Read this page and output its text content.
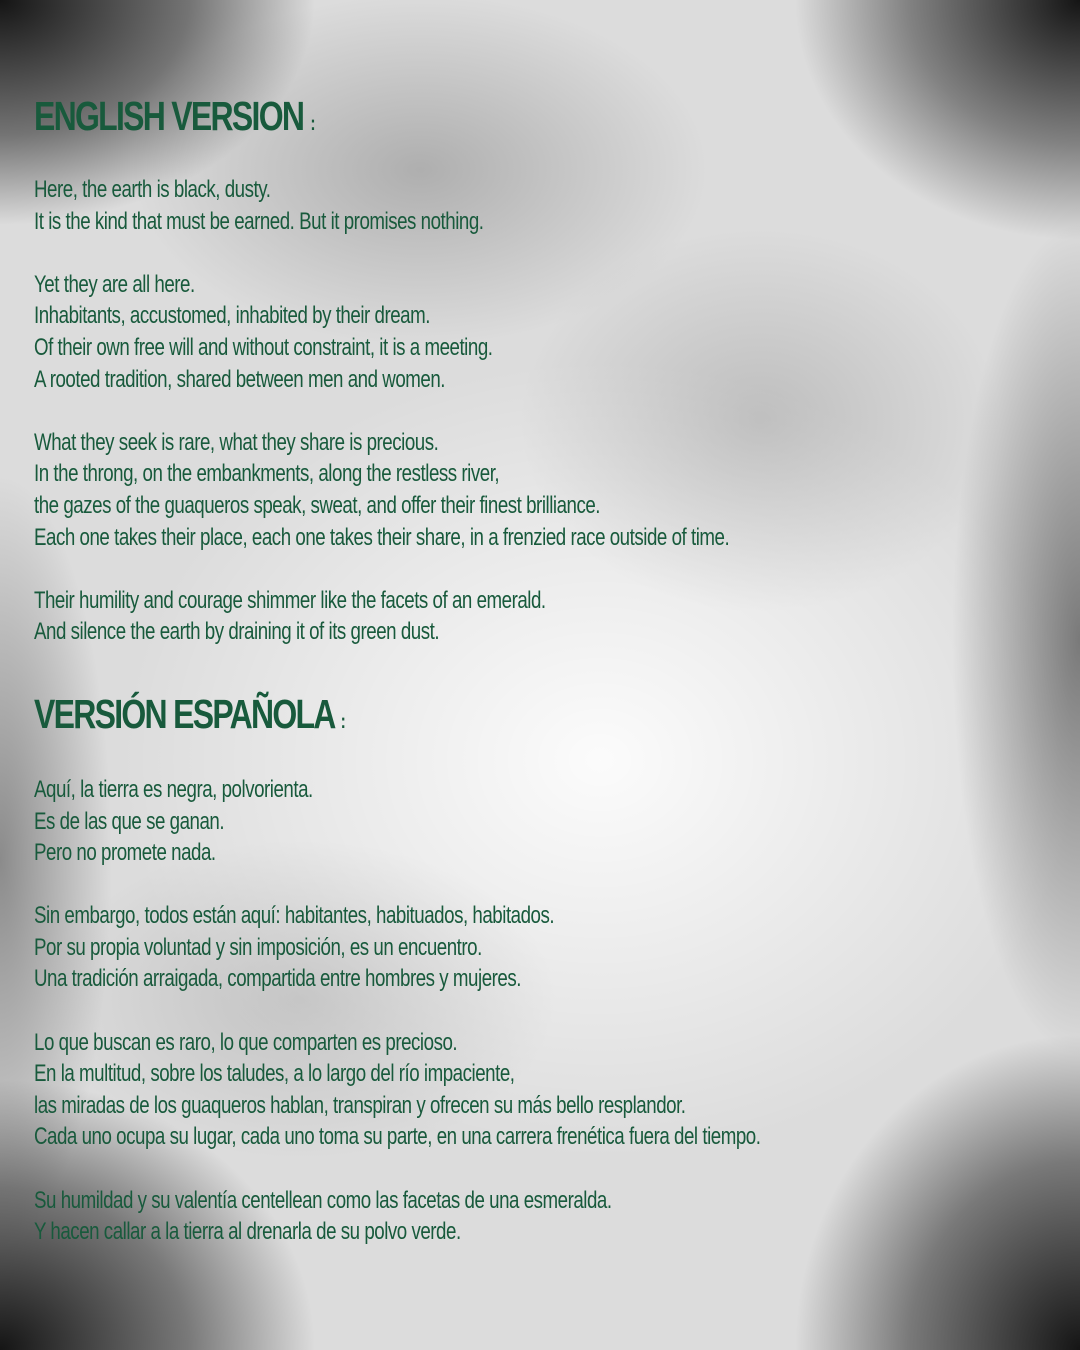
ENGLISH VERSION :
Here, the earth is black, dusty.
It is the kind that must be earned. But it promises nothing.
Yet they are all here.
Inhabitants, accustomed, inhabited by their dream.
Of their own free will and without constraint, it is a meeting.
A rooted tradition, shared between men and women.
What they seek is rare, what they share is precious.
In the throng, on the embankments, along the restless river,
the gazes of the guaqueros speak, sweat, and offer their finest brilliance.
Each one takes their place, each one takes their share, in a frenzied race outside of time.
Their humility and courage shimmer like the facets of an emerald.
And silence the earth by draining it of its green dust.
VERSIÓN ESPAÑOLA :
Aquí, la tierra es negra, polvorienta.
Es de las que se ganan.
Pero no promete nada.
Sin embargo, todos están aquí: habitantes, habituados, habitados.
Por su propia voluntad y sin imposición, es un encuentro.
Una tradición arraigada, compartida entre hombres y mujeres.
Lo que buscan es raro, lo que comparten es precioso.
En la multitud, sobre los taludes, a lo largo del río impaciente,
las miradas de los guaqueros hablan, transpiran y ofrecen su más bello resplandor.
Cada uno ocupa su lugar, cada uno toma su parte, en una carrera frenética fuera del tiempo.
Su humildad y su valentía centellean como las facetas de una esmeralda.
Y hacen callar a la tierra al drenarla de su polvo verde.
